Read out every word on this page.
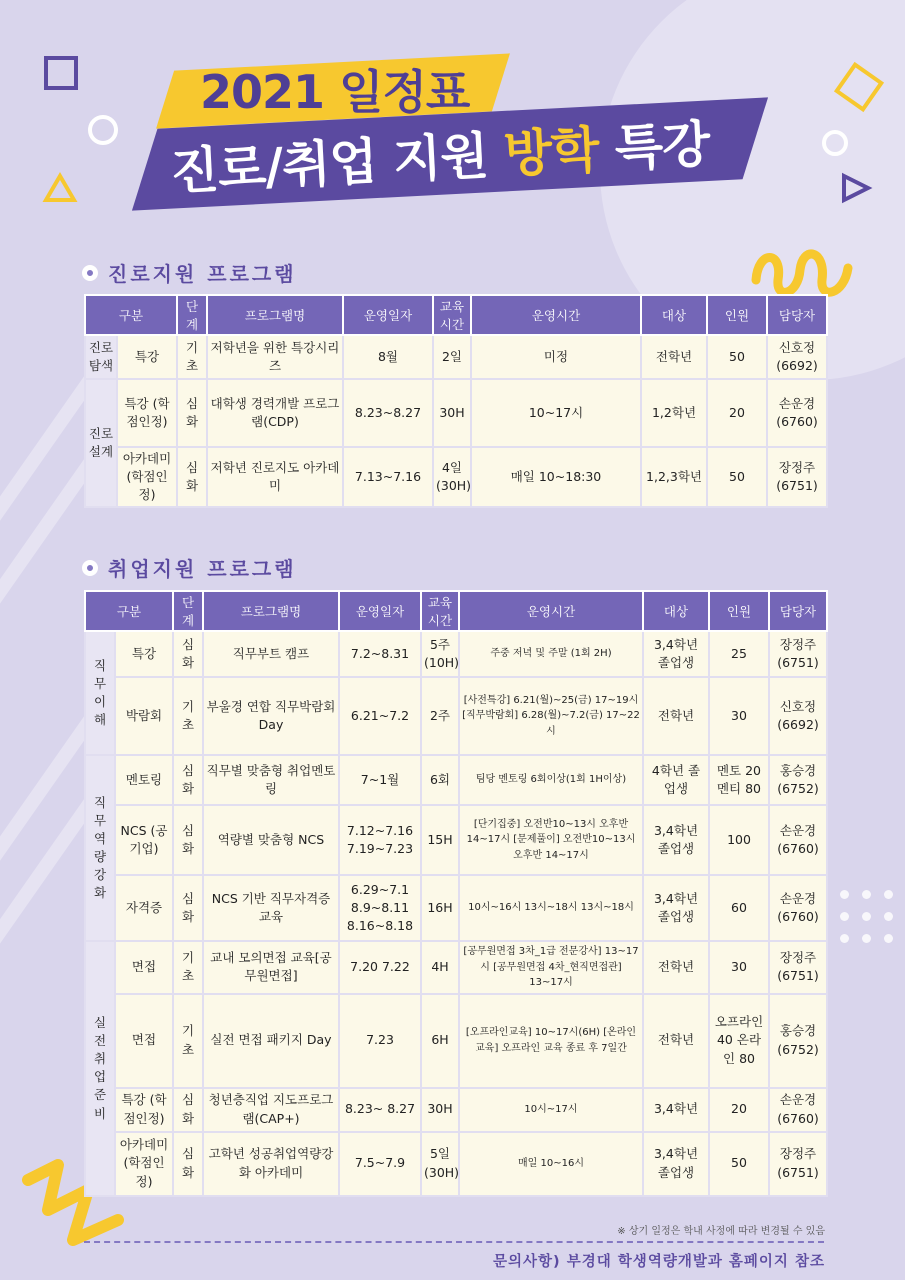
2021 일정표
진로/취업 지원 방학 특강
진로지원 프로그램
구분		단계	프로그램명	운영일자	교육 시간	운영시간	대상	인원	담당자
진로 탐색	특강	기초	저학년을 위한 특강시리즈	8월	2일	미정	전학년	50	신호정 (6692)
진로 설계	특강 (학점인정)	심화	대학생 경력개발 프로그램(CDP)	8.23~8.27	30H	10~17시	1,2학년	20	손운경 (6760)
	아카데미 (학점인정)	심화	저학년 진로지도 아카데미	7.13~7.16	4일 (30H)	매일 10~18:30	1,2,3학년	50	장정주 (6751)
취업지원 프로그램
구분		단계	프로그램명	운영일자	교육 시간	운영시간	대상	인원	담당자
직무 이해	특강	심화	직무부트 캠프	7.2~8.31	5주 (10H)	주중 저녁 및 주말 (1회 2H)	3,4학년 졸업생	25	장정주 (6751)
	박람회	기초	부울경 연합 직무박람회Day	6.21~7.2	2주	[사전특강] 6.21(월)~25(금) 17~19시 [직무박람회] 6.28(월)~7.2(금) 17~22시	전학년	30	신호정 (6692)
직무 역량 강화	멘토링	심화	직무별 맞춤형 취업멘토링	7~1월	6회	팀당 멘토링 6회이상(1회 1H이상)	4학년 졸업생	멘토 20 멘티 80	홍승경 (6752)
	NCS (공기업)	심화	역량별 맞춤형 NCS	7.12~7.16 7.19~7.23	15H	[단기집중] 오전반10~13시 오후반 14~17시 [문제풀이] 오전반10~13시 오후반 14~17시	3,4학년 졸업생	100	손운경 (6760)
	자격증	심화	NCS 기반 직무자격증 교육	6.29~7.1 8.9~8.11 8.16~8.18	16H	10시~16시 13시~18시 13시~18시	3,4학년 졸업생	60	손운경 (6760)
실전 취업 준비	면접	기초	교내 모의면접 교육[공무원면접]	7.20 7.22	4H	[공무원면접 3차_1급 전문강사] 13~17시 [공무원면접 4차_현직면접관] 13~17시	전학년	30	장정주 (6751)
	면접	기초	실전 면접 패키지 Day	7.23	6H	[오프라인교육] 10~17시(6H) [온라인교육] 오프라인 교육 종료 후 7일간	전학년	오프라인 40 온라인 80	홍승경 (6752)
	특강 (학점인정)	심화	청년층직업 지도프로그램(CAP+)	8.23~ 8.27	30H	10시~17시	3,4학년	20	손운경 (6760)
	아카데미 (학점인정)	심화	고학년 성공취업역량강화 아카데미	7.5~7.9	5일 (30H)	매일 10~16시	3,4학년 졸업생	50	장정주 (6751)
※ 상기 일정은 학내 사정에 따라 변경될 수 있음
문의사항) 부경대 학생역량개발과 홈페이지 참조
